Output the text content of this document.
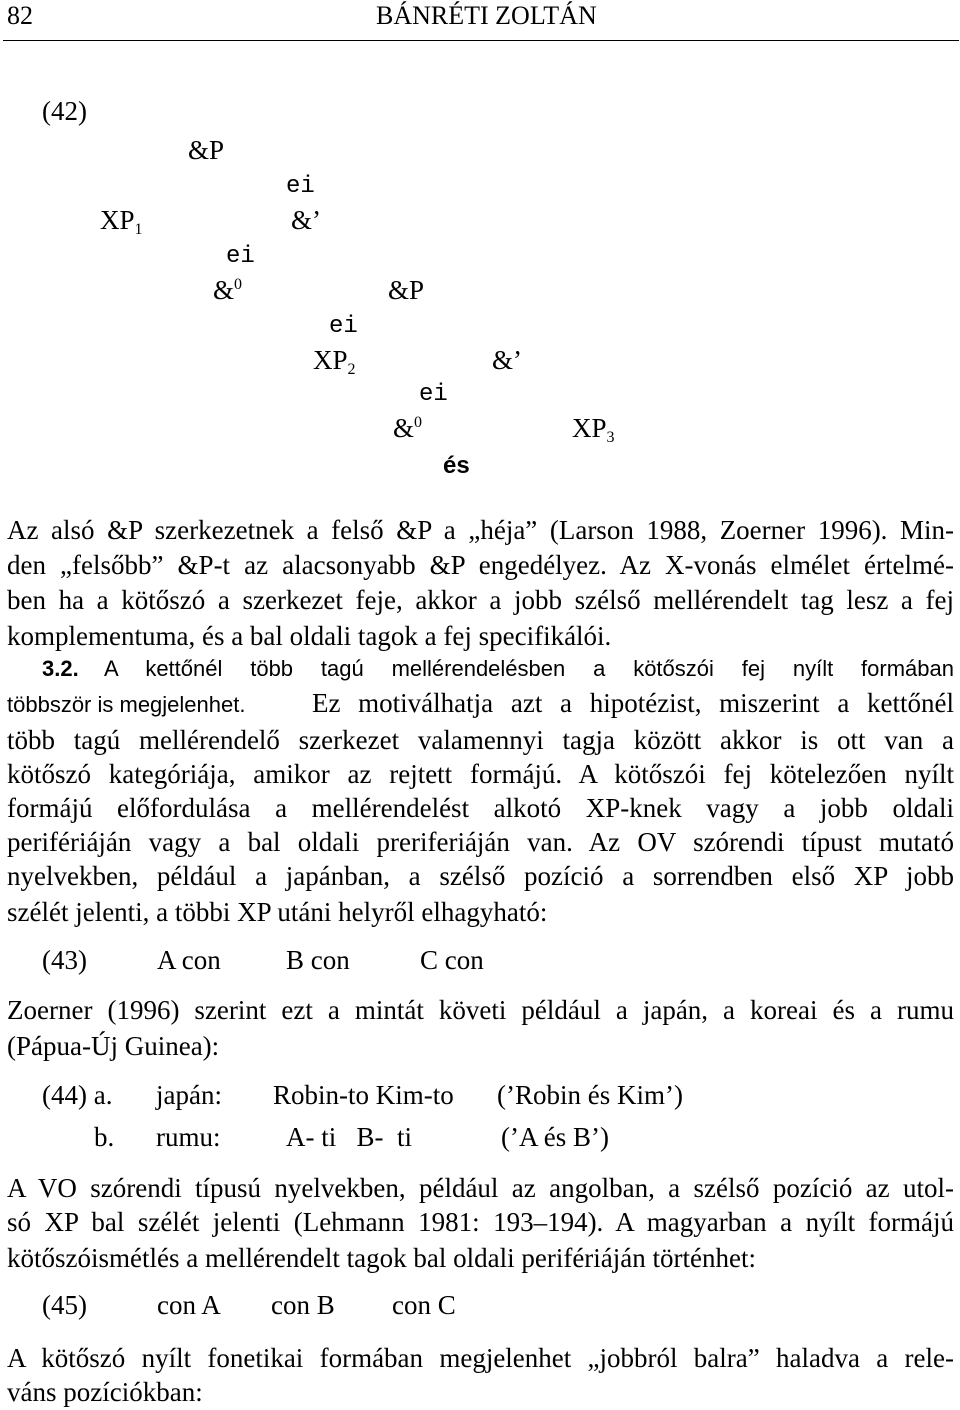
82	BÁNRÉTI ZOLTÁN
(42)
&P
ei
$XP_1$	&’
ei
&$^0$	&P
ei
$XP_2$	&’
ei
&$^0$	$XP_3$
és
Az alsó &P szerkezetnek a felső &P a „héja” (Larson 1988, Zoerner 1996). Min-
den „felsőbb” &P-t az alacsonyabb &P engedélyez. Az X-vonás elmélet értelmé-
ben ha a kötőszó a szerkezet feje, akkor a jobb szélső mellérendelt tag lesz a fej
komplementuma, és a bal oldali tagok a fej specifikálói.
3.2. A kettőnél több tagú mellérendelésben a kötőszói fej nyílt formában
többször is megjelenhet. Ez motiválhatja azt a hipotézist, miszerint a kettőnél
több tagú mellérendelő szerkezet valamennyi tagja között akkor is ott van a
kötőszó kategóriája, amikor az rejtett formájú. A kötőszói fej kötelezően nyílt
formájú előfordulása a mellérendelést alkotó XP-knek vagy a jobb oldali
perifériáján vagy a bal oldali preriferiáján van. Az OV szórendi típust mutató
nyelvekben, például a japánban, a szélső pozíció a sorrendben első XP jobb
szélét jelenti, a többi XP utáni helyről elhagyható:
(43)	A con B con	C con
Zoerner (1996) szerint ezt a mintát követi például a japán, a koreai és a rumu
(Pápua-Új Guinea):
(44) a. japán: Robin-to Kim-to (’Robin és Kim’)
b. rumu: A- ti   B-  ti	(’A és B’)
A VO szórendi típusú nyelvekben, például az angolban, a szélső pozíció az utol-
só XP bal szélét jelenti (Lehmann 1981: 193–194). A magyarban a nyílt formájú
kötőszóismétlés a mellérendelt tagok bal oldali perifériáján történhet:
(45)	con A con B con C
A kötőszó nyílt fonetikai formában megjelenhet „jobbról balra” haladva a rele-
váns pozíciókban:
